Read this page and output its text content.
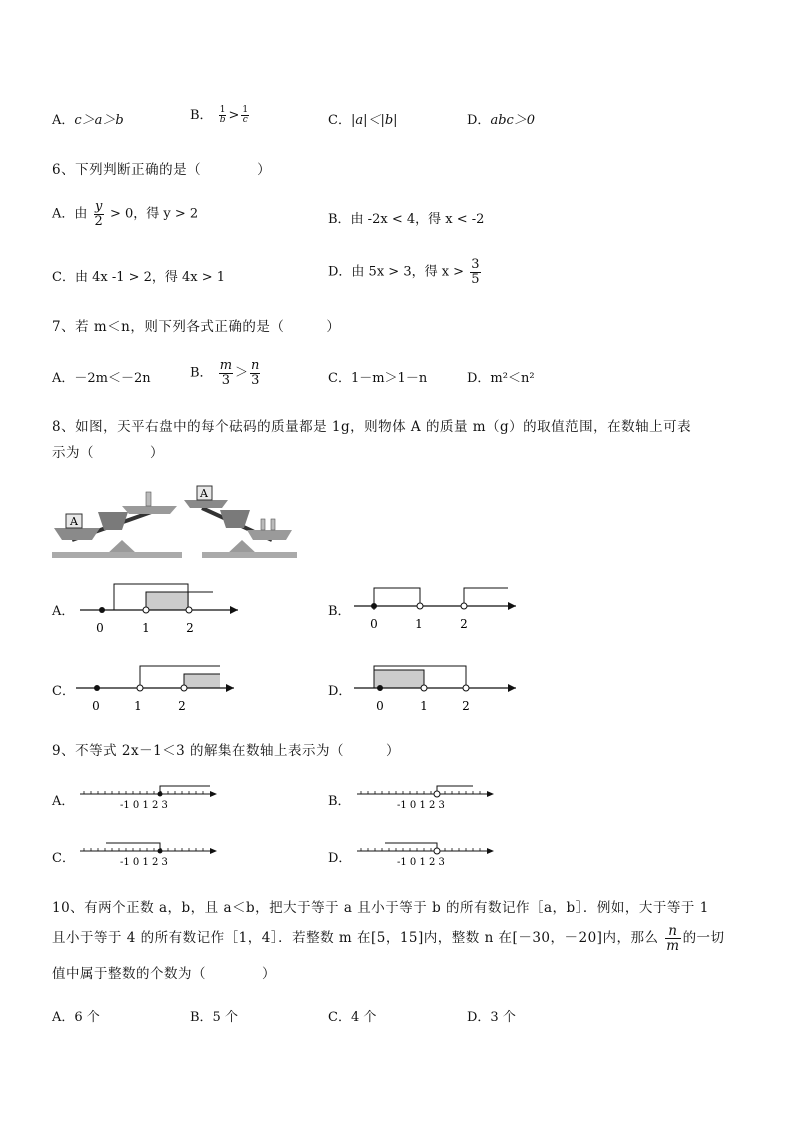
A．c＞a＞b	B． $\frac{1}{b} > \frac{1}{c}$	C．|a|＜|b|	D．abc＞0
6、下列判断正确的是（　　　　）
A．由 $\frac{y}{2} > 0$，得 y > 2	B．由 -2x < 4，得 x < -2
C．由 4x -1 > 2，得 4x > 1	D．由 5x > 3，得 $x > \frac{3}{5}$
7、若 m＜n，则下列各式正确的是（　　　）
A．－2m＜－2n	B． $\frac{m}{3} > \frac{n}{3}$	C．1－m＞1－n	D．m²＜n²
8、如图，天平右盘中的每个砝码的质量都是 1g，则物体 A 的质量 m（g）的取值范围，在数轴上可表
示为（　　　　）
A
A
A．
0	1	2
B．
0	1	2
C．
0	1	2
D．
0	1	2
9、不等式 2x－1＜3 的解集在数轴上表示为（　　　）
A．	-1 0 1 2 3	B．	-1 0 1 2 3
C．	-1 0 1 2 3	D．	-1 0 1 2 3
10、有两个正数 a，b，且 a＜b，把大于等于 a 且小于等于 b 的所有数记作［a，b］．例如，大于等于 1
且小于等于 4 的所有数记作［1，4］．若整数 m 在[5，15]内，整数 n 在[－30，－20]内，那么 $\frac{n}{m}$ 的一切
值中属于整数的个数为（　　　　）
A．6 个	B．5 个	C．4 个	D．3 个
